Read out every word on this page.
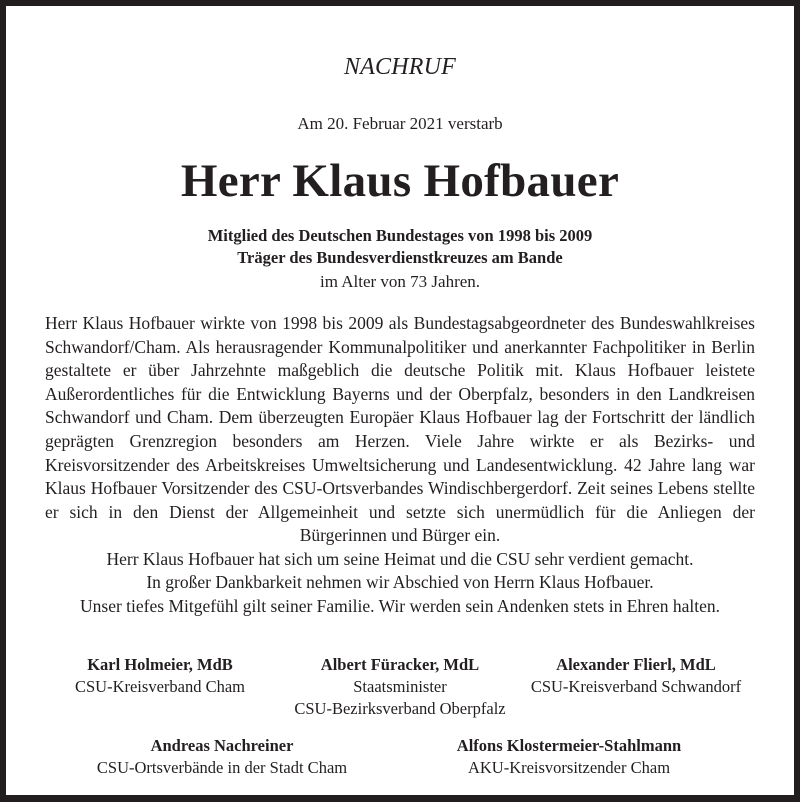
NACHRUF
Am 20. Februar 2021 verstarb
Herr Klaus Hofbauer
Mitglied des Deutschen Bundestages von 1998 bis 2009
Träger des Bundesverdienstkreuzes am Bande
im Alter von 73 Jahren.

Herr Klaus Hofbauer wirkte von 1998 bis 2009 als Bundestagsabgeordneter des Bundeswahlkreises Schwandorf/Cham. Als herausragender Kommunalpolitiker und anerkannter Fachpolitiker in Berlin gestaltete er über Jahrzehnte maßgeblich die deutsche Politik mit. Klaus Hofbauer leistete Außerordentliches für die Entwicklung Bayerns und der Oberpfalz, besonders in den Landkreisen Schwandorf und Cham. Dem überzeugten Europäer Klaus Hofbauer lag der Fortschritt der ländlich geprägten Grenzregion besonders am Herzen. Viele Jahre wirkte er als Bezirks- und Kreisvorsitzender des Arbeitskreises Umweltsicherung und Landesentwicklung. 42 Jahre lang war Klaus Hofbauer Vorsitzender des CSU-Ortsverbandes Windischbergerdorf. Zeit seines Lebens stellte er sich in den Dienst der Allgemeinheit und setzte sich unermüdlich für die Anliegen der Bürgerinnen und Bürger ein.

Herr Klaus Hofbauer hat sich um seine Heimat und die CSU sehr verdient gemacht.
In großer Dankbarkeit nehmen wir Abschied von Herrn Klaus Hofbauer.
Unser tiefes Mitgefühl gilt seiner Familie. Wir werden sein Andenken stets in Ehren halten.
Karl Holmeier, MdB
CSU-Kreisverband Cham
Albert Füracker, MdL
Staatsminister
CSU-Bezirksverband Oberpfalz
Alexander Flierl, MdL
CSU-Kreisverband Schwandorf
Andreas Nachreiner
CSU-Ortsverbände in der Stadt Cham
Alfons Klostermeier-Stahlmann
AKU-Kreisvorsitzender Cham
